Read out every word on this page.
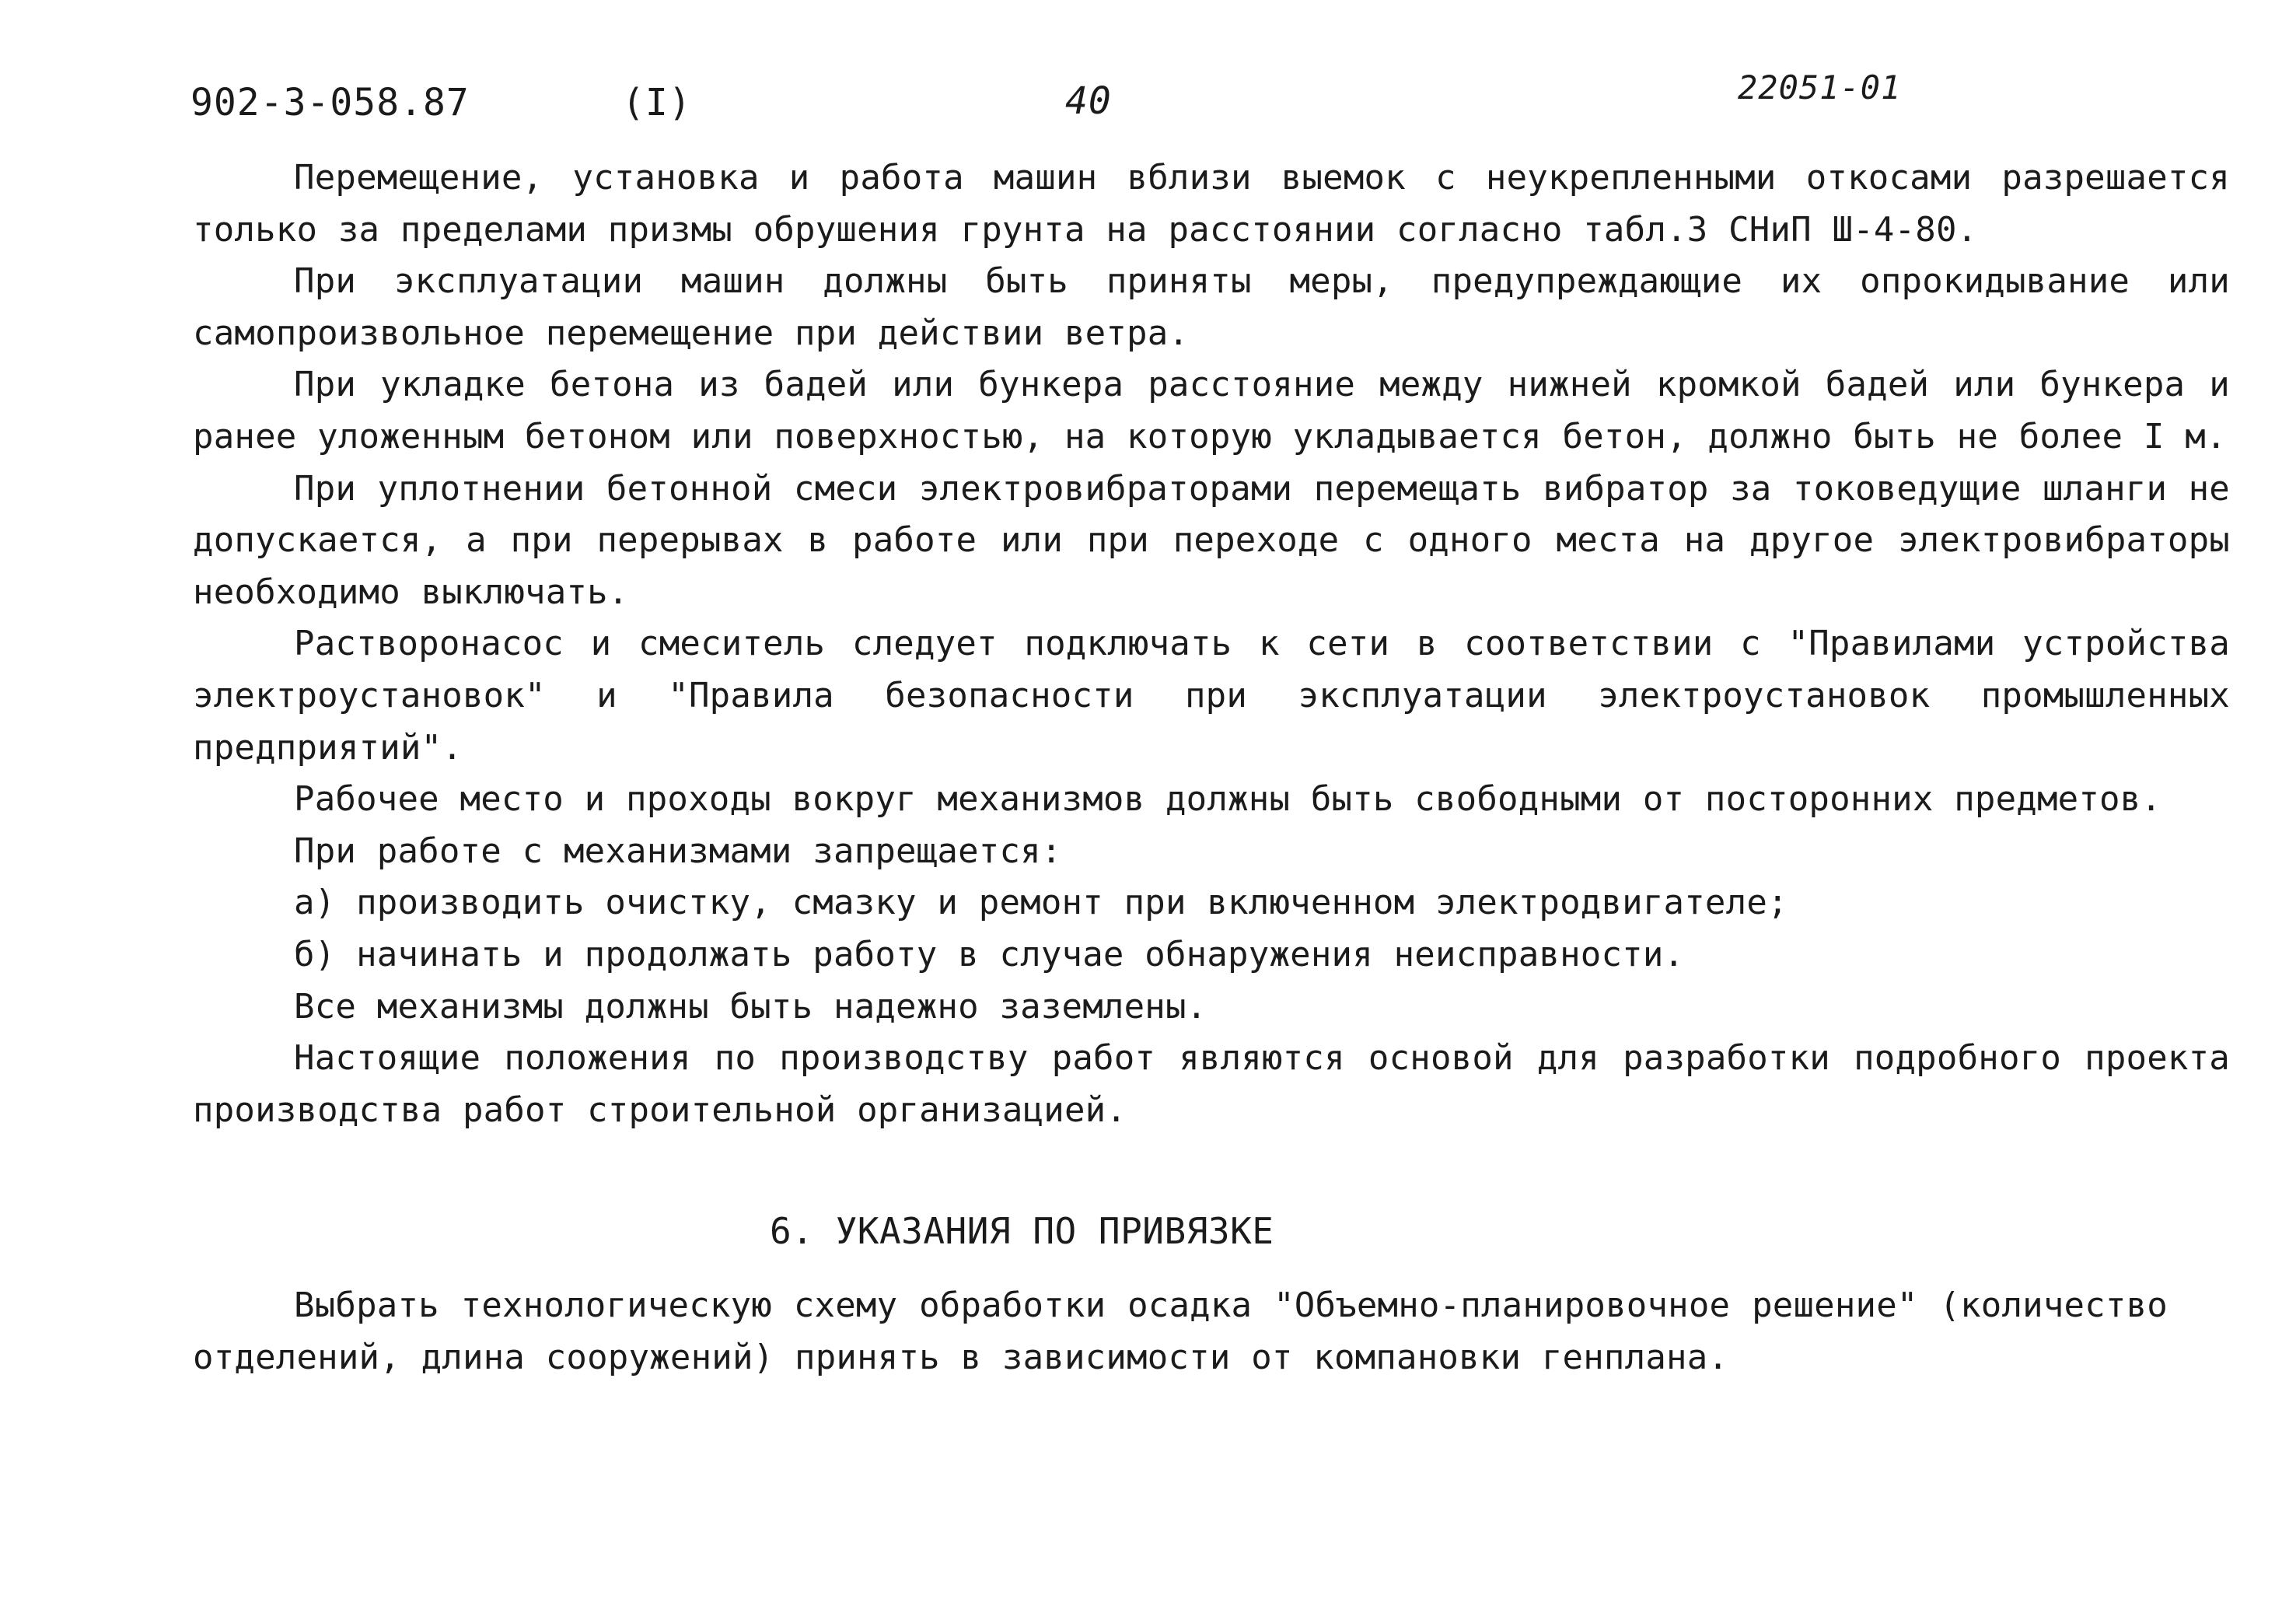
902-3-058.87	(I)	40	22051-01

Перемещение, установка и работа машин вблизи выемок с неукрепленными откосами разрешается только за пределами призмы обрушения грунта на расстоянии согласно табл.3 СНиП Ш-4-80.

При эксплуатации машин должны быть приняты меры, предупреждающие их опрокидывание или самопроизвольное перемещение при действии ветра.

При укладке бетона из бадей или бункера расстояние между нижней кромкой бадей или бункера и ранее уложенным бетоном или поверхностью, на которую укладывается бетон, должно быть не более I м.

При уплотнении бетонной смеси электровибраторами перемещать вибратор за токоведущие шланги не допускается, а при перерывах в работе или при переходе с одного места на другое электровибраторы необходимо выключать.

Растворонасос и смеситель следует подключать к сети в соответствии с "Правилами устройства электроустановок" и "Правила безопасности при эксплуатации электроустановок промышленных предприятий".

Рабочее место и проходы вокруг механизмов должны быть свободными от посторонних предметов.

При работе с механизмами запрещается:

а) производить очистку, смазку и ремонт при включенном электродвигателе;

б) начинать и продолжать работу в случае обнаружения неисправности.

Все механизмы должны быть надежно заземлены.

Настоящие положения по производству работ являются основой для разработки подробного проекта производства работ строительной организацией.

6. УКАЗАНИЯ ПО ПРИВЯЗКЕ

Выбрать технологическую схему обработки осадка "Объемно-планировочное решение" (количество отделений, длина сооружений) принять в зависимости от компановки генплана.
